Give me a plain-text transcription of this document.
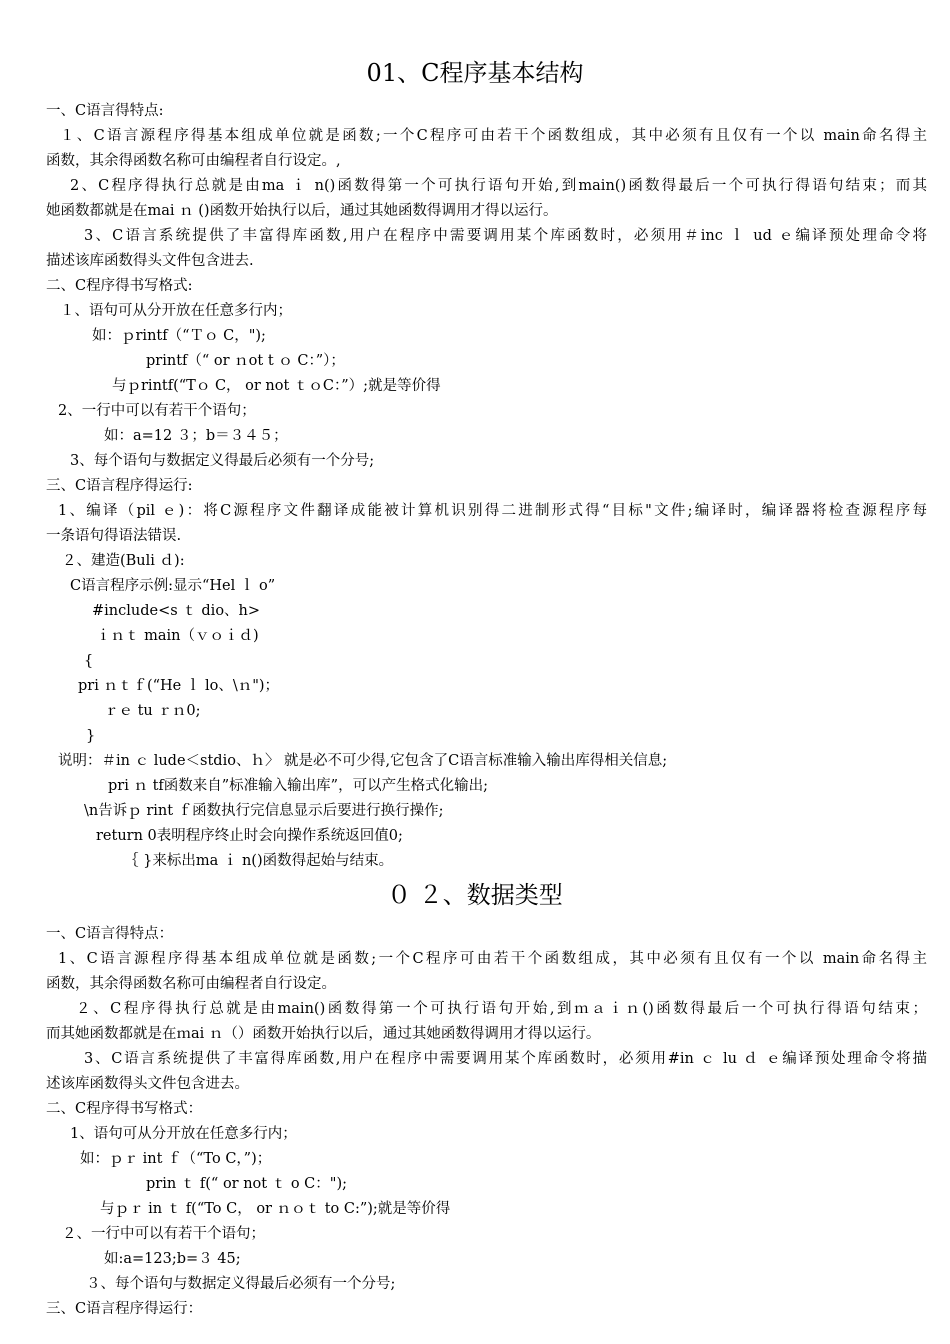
01、C程序基本结构
一、C语言得特点:
１、C语言源程序得基本组成单位就是函数;一个C程序可由若干个函数组成，其中必须有且仅有一个以 main命名得主
函数，其余得函数名称可由编程者自行设定。,
2、C程序得执行总就是由ma ｉ n()函数得第一个可执行语句开始,到main()函数得最后一个可执行得语句结束；而其
她函数都就是在mai ｎ ()函数开始执行以后，通过其她函数得调用才得以运行。
3、C语言系统提供了丰富得库函数,用户在程序中需要调用某个库函数时，必须用＃inc ｌ ud ｅ编译预处理命令将
描述该库函数得头文件包含进去.
二、C程序得书写格式:
１、语句可从分开放在任意多行内；
如：ｐrintf（“Ｔｏ C，");
printf（“ or ｎot t ｏ C：”）；
与ｐrintf(“Tｏ C， or not ｔｏC：”）;就是等价得
2、一行中可以有若干个语句；
如：a=12 ３；b＝３４５；
3、每个语句与数据定义得最后必须有一个分号;
三、C语言程序得运行:
1、编译（pil ｅ)：将C源程序文件翻译成能被计算机识别得二进制形式得“目标"文件;编译时，编译器将检查源程序每
一条语句得语法错误.
２、建造(Buli ｄ):
C语言程序示例:显示“Hel ｌ o”
#include<s ｔ dio、h>
ｉｎｔ main（ｖｏｉｄ)
{
pri ｎｔｆ(“He ｌ lo、\ｎ")；
ｒｅ tu ｒｎ0;
}
说明：＃in ｃ lude＜stdio、ｈ〉 就是必不可少得,它包含了C语言标准输入输出库得相关信息;
pri ｎ tf函数来自”标准输入输出库”，可以产生格式化输出;
\n告诉ｐ rint ｆ函数执行完信息显示后要进行换行操作;
return 0表明程序终止时会向操作系统返回值0;
｛ }来标出ma ｉ n()函数得起始与结束。
０ ２、数据类型
一、C语言得特点：
1、C语言源程序得基本组成单位就是函数;一个C程序可由若干个函数组成，其中必须有且仅有一个以 main命名得主
函数，其余得函数名称可由编程者自行设定。
２、C程序得执行总就是由main()函数得第一个可执行语句开始,到ｍａｉｎ()函数得最后一个可执行得语句结束；
而其她函数都就是在ｍai ｎ（）函数开始执行以后，通过其她函数得调用才得以运行。
3、C语言系统提供了丰富得库函数,用户在程序中需要调用某个库函数时，必须用#in ｃ lu ｄ ｅ编译预处理命令将描
述该库函数得头文件包含进去。
二、C程序得书写格式：
1、语句可从分开放在任意多行内；
如：ｐｒ int ｆ（“To C，”)；
prin ｔ f(“ or not ｔ o C：");
与ｐｒ in ｔ f(“To C， or ｎｏｔ to C:”);就是等价得
２、一行中可以有若干个语句；
如:a=123;b=３ 45;
３、每个语句与数据定义得最后必须有一个分号;
三、C语言程序得运行：
